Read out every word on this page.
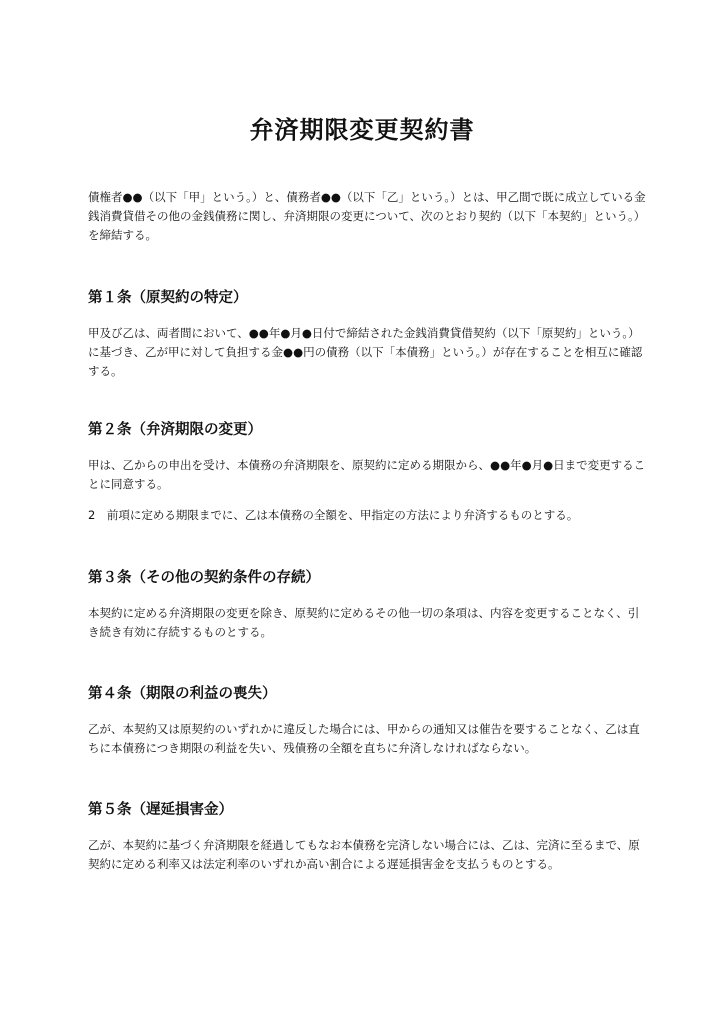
弁済期限変更契約書

債権者●●（以下「甲」という。）と、債務者●●（以下「乙」という。）とは、甲乙間で既に成立している金銭消費貸借その他の金銭債務に関し、弁済期限の変更について、次のとおり契約（以下「本契約」という。）を締結する。

第１条（原契約の特定）

甲及び乙は、両者間において、●●年●月●日付で締結された金銭消費貸借契約（以下「原契約」という。）に基づき、乙が甲に対して負担する金●●円の債務（以下「本債務」という。）が存在することを相互に確認する。

第２条（弁済期限の変更）

甲は、乙からの申出を受け、本債務の弁済期限を、原契約に定める期限から、●●年●月●日まで変更することに同意する。

2　前項に定める期限までに、乙は本債務の全額を、甲指定の方法により弁済するものとする。

第３条（その他の契約条件の存続）

本契約に定める弁済期限の変更を除き、原契約に定めるその他一切の条項は、内容を変更することなく、引き続き有効に存続するものとする。

第４条（期限の利益の喪失）

乙が、本契約又は原契約のいずれかに違反した場合には、甲からの通知又は催告を要することなく、乙は直ちに本債務につき期限の利益を失い、残債務の全額を直ちに弁済しなければならない。

第５条（遅延損害金）

乙が、本契約に基づく弁済期限を経過してもなお本債務を完済しない場合には、乙は、完済に至るまで、原契約に定める利率又は法定利率のいずれか高い割合による遅延損害金を支払うものとする。
